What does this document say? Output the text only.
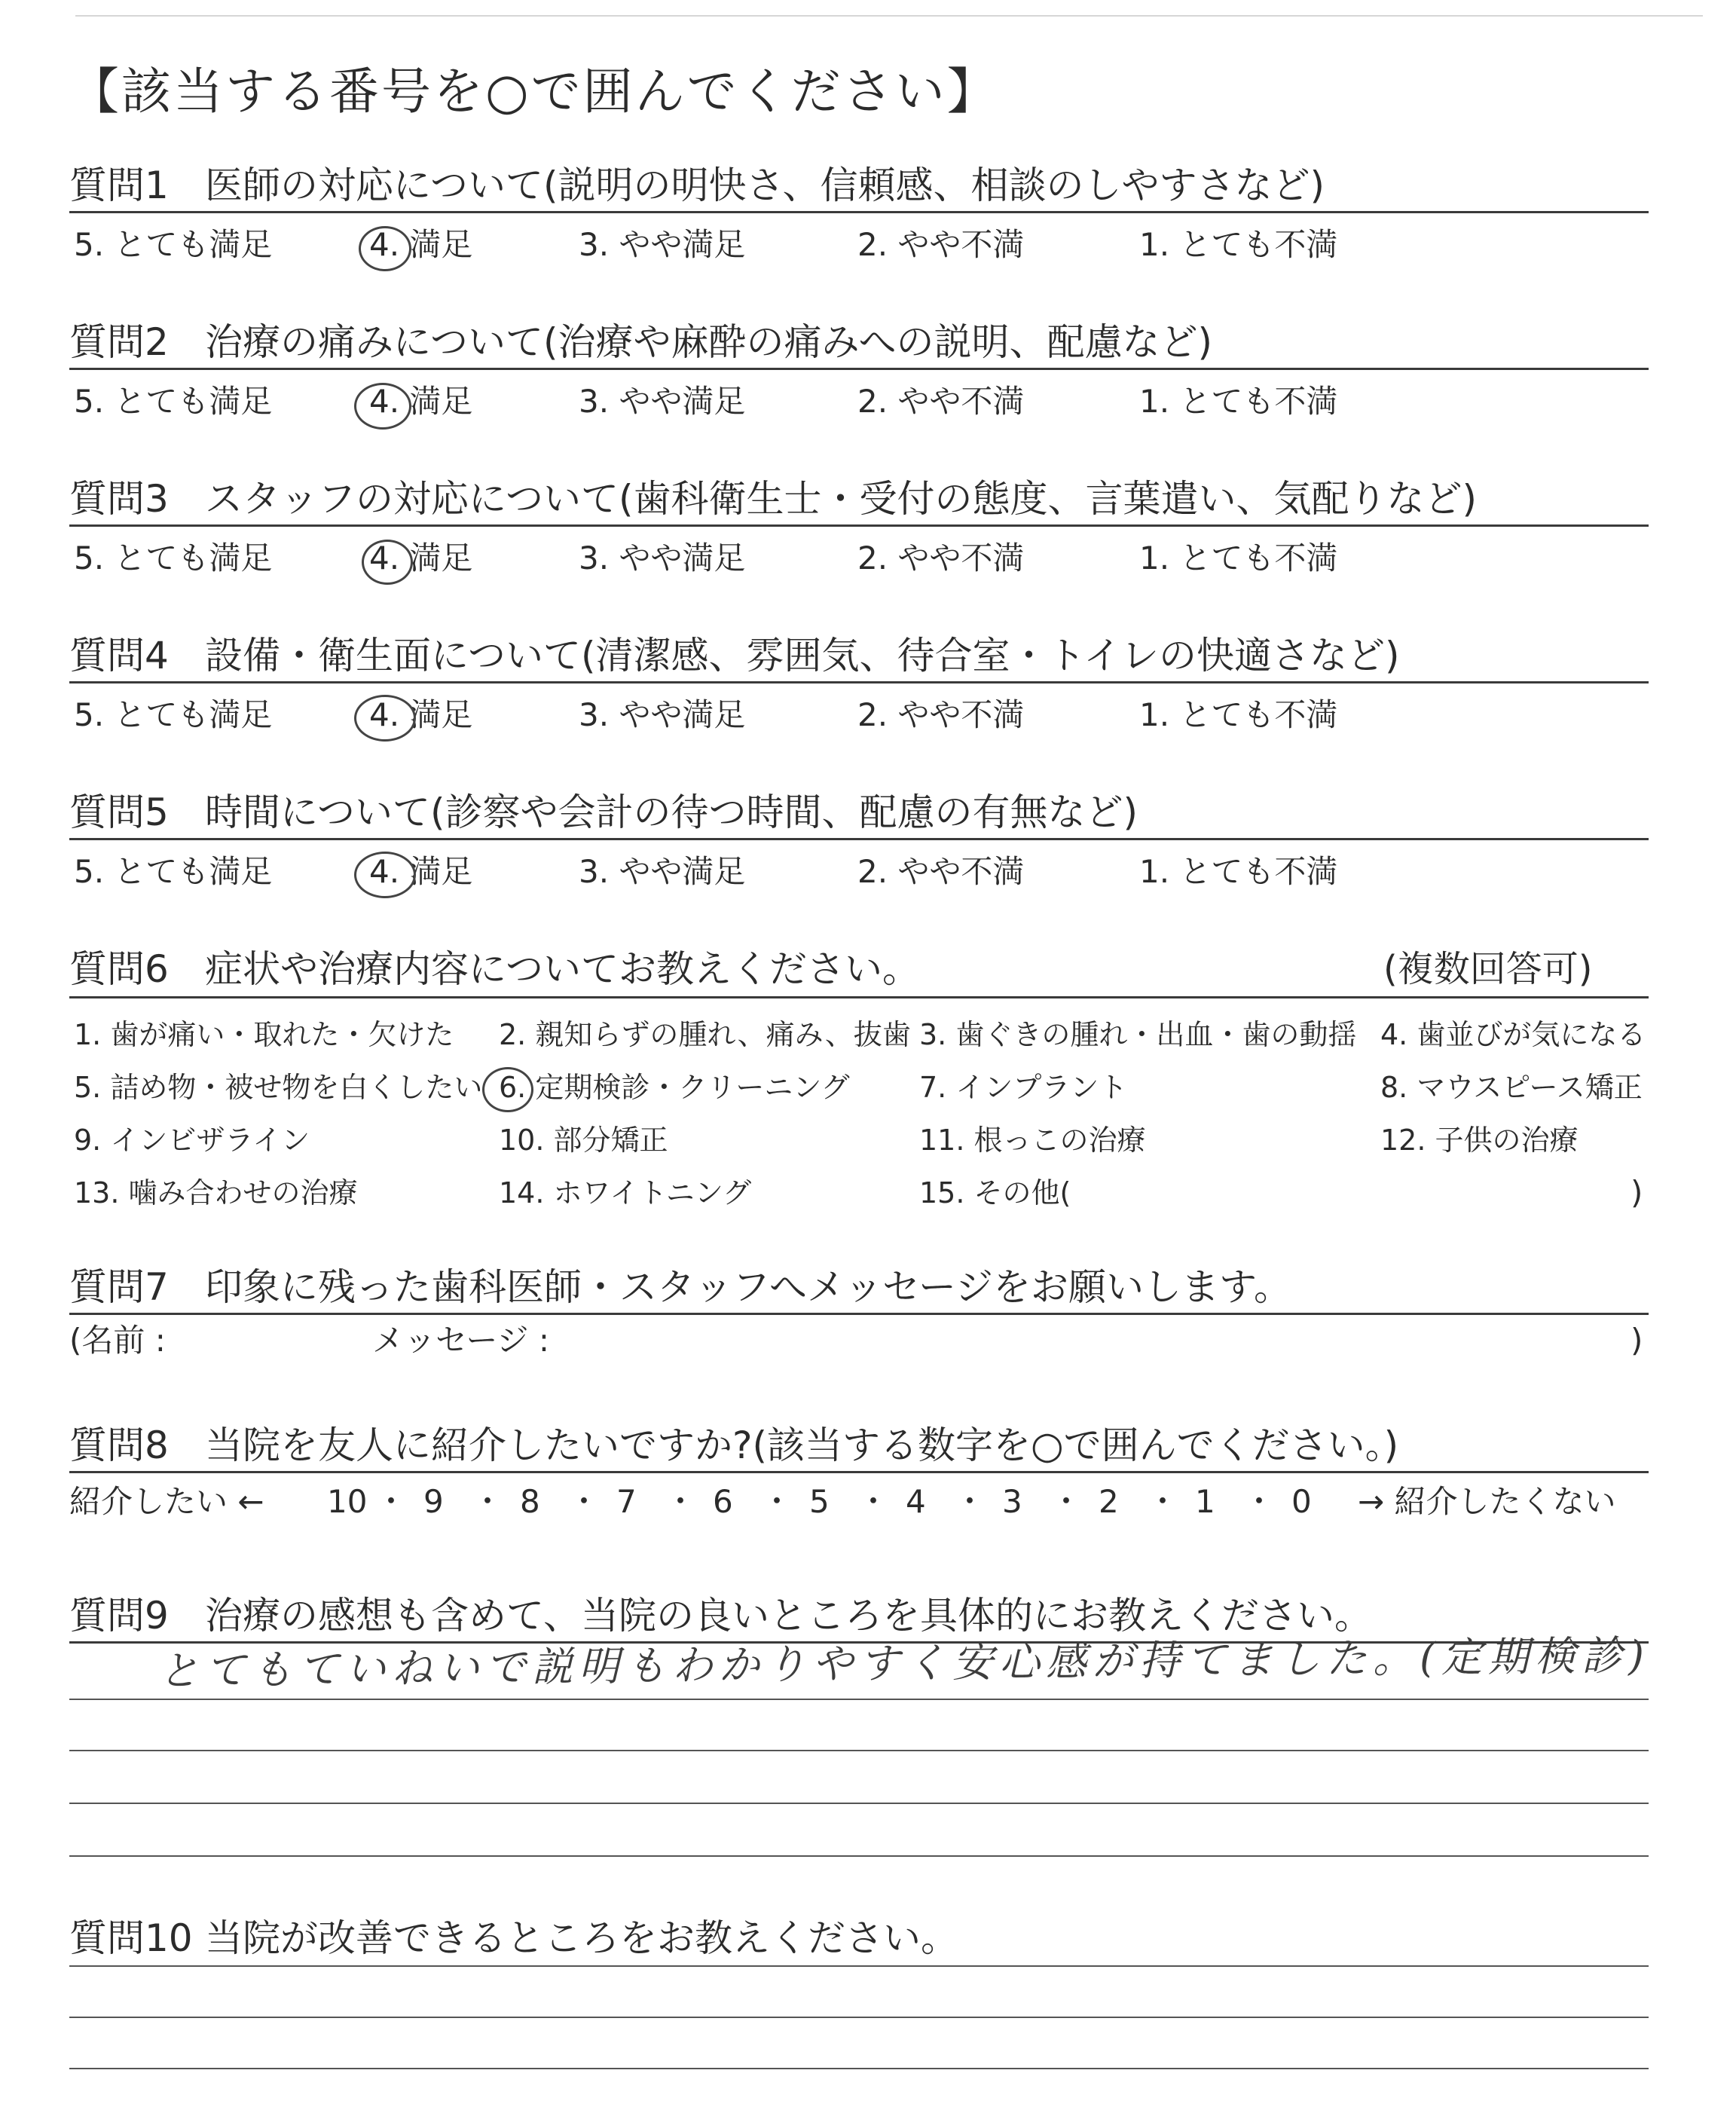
【該当する番号を○で囲んでください】
質問1 医師の対応について(説明の明快さ、信頼感、相談のしやすさなど)
5. とても満足	4. 満足	3. やや満足	2. やや不満	1. とても不満
質問2 治療の痛みについて(治療や麻酔の痛みへの説明、配慮など)
5. とても満足	4. 満足	3. やや満足	2. やや不満	1. とても不満
質問3 スタッフの対応について(歯科衛生士・受付の態度、言葉遣い、気配りなど)
5. とても満足	4. 満足	3. やや満足	2. やや不満	1. とても不満
質問4 設備・衛生面について(清潔感、雰囲気、待合室・トイレの快適さなど)
5. とても満足	4. 満足	3. やや満足	2. やや不満	1. とても不満
質問5 時間について(診察や会計の待つ時間、配慮の有無など)
5. とても満足	4. 満足	3. やや満足	2. やや不満	1. とても不満
質問6 症状や治療内容についてお教えください。	(複数回答可)
1. 歯が痛い・取れた・欠けた 2. 親知らずの腫れ、痛み、抜歯 3. 歯ぐきの腫れ・出血・歯の動揺 4. 歯並びが気になる
5. 詰め物・被せ物を白くしたい 6. 定期検診・クリーニング 7. インプラント	8. マウスピース矯正
9. インビザライン	10. 部分矯正	11. 根っこの治療	12. 子供の治療
13. 噛み合わせの治療	14. ホワイトニング	15. その他(	)
質問7 印象に残った歯科医師・スタッフへメッセージをお願いします。
(名前 :	メッセージ :	)
質問8 当院を友人に紹介したいですか?(該当する数字を○で囲んでください。)
紹介したい ←	→ 紹介したくない
10 ・ 9 ・ 8 ・ 7 ・ 6 ・ 5 ・ 4 ・ 3 ・ 2 ・ 1 ・ 0
質問9 治療の感想も含めて、当院の良いところを具体的にお教えください。
とてもていねいで説明もわかりやすく安心感が持てました。(定期検診)
質問10 当院が改善できるところをお教えください。
